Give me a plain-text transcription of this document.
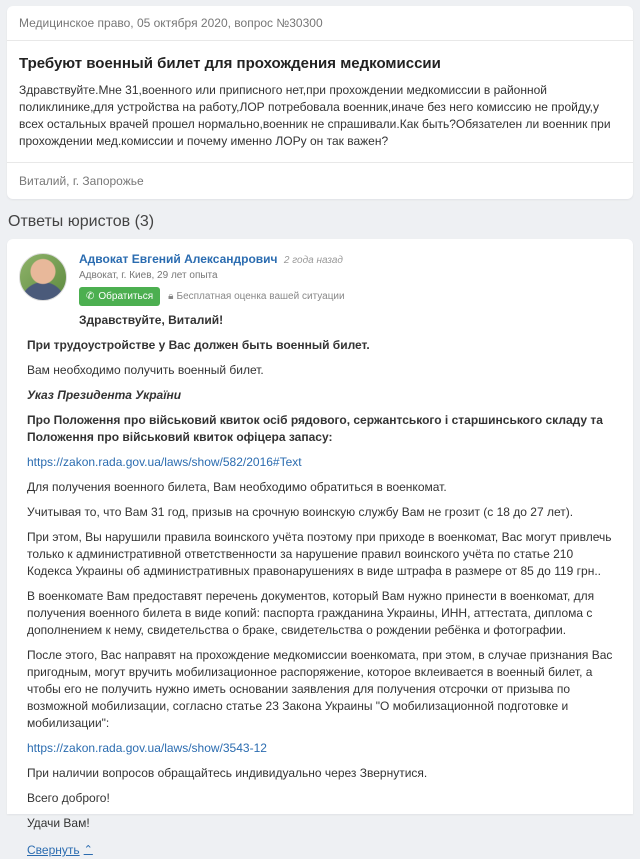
Медицинское право, 05 октября 2020, вопрос №30300
Требуют военный билет для прохождения медкомиссии
Здравствуйте.Мне 31,военного или приписного нет,при прохождении медкомиссии в районной поликлинике,для устройства на работу,ЛОР потребовала военник,иначе без него комиссию не пройду,у всех остальных врачей прошел нормально,военник не спрашивали.Как быть?Обязателен ли военник при прохождении мед.комиссии и почему именно ЛОРу он так важен?
Виталий, г. Запорожье
Ответы юристов (3)
Адвокат Евгений Александрович 2 года назад
Адвокат, г. Киев, 29 лет опыта
✆ Обратиться 🔒︎ Бесплатная оценка вашей ситуации

Здравствуйте, Виталий!

При трудоустройстве у Вас должен быть военный билет.

Вам необходимо получить военный билет.

Указ Президента України

Про Положення про військовий квиток осіб рядового, сержантського і старшинського складу та Положення про військовий квиток офіцера запасу:

https://zakon.rada.gov.ua/laws/show/582/2016#Text

Для получения военного билета, Вам необходимо обратиться в военкомат.

Учитывая то, что Вам 31 год, призыв на срочную воинскую службу Вам не грозит (с 18 до 27 лет).

При этом, Вы нарушили правила воинского учёта поэтому при приходе в военкомат, Вас могут привлечь только к административной ответственности за нарушение правил воинского учёта по статье 210 Кодекса Украины об административных правонарушениях в виде штрафа в размере от 85 до 119 грн..

В военкомате Вам предоставят перечень документов, который Вам нужно принести в военкомат, для получения военного билета в виде копий: паспорта гражданина Украины, ИНН, аттестата, диплома с дополнением к нему, свидетельства о браке, свидетельства о рождении ребёнка и фотографии.

После этого, Вас направят на прохождение медкомиссии военкомата, при этом, в случае признания Вас пригодным, могут вручить мобилизационное распоряжение, которое вклеивается в военный билет, а чтобы его не получить нужно иметь основании заявления для получения отсрочки от призыва по возможной мобилизации, согласно статье 23 Закона Украины "О мобилизационной подготовке и мобилизации":

https://zakon.rada.gov.ua/laws/show/3543-12

При наличии вопросов обращайтесь индивидуально через Звернутися.

Всего доброго!

Удачи Вам!

Свернуть ⌃
